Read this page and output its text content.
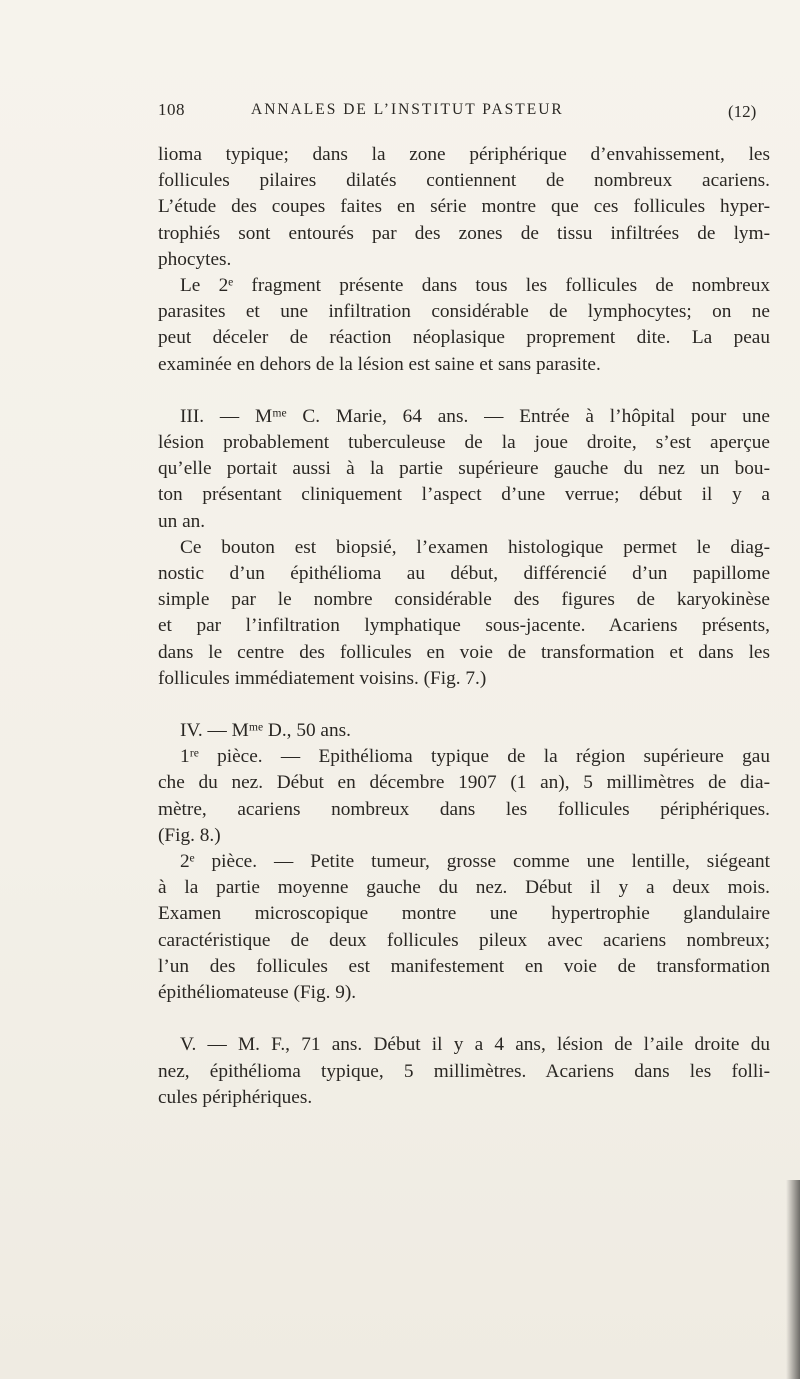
108	ANNALES DE L’INSTITUT PASTEUR	(12)
lioma typique; dans la zone périphérique d’envahissement, les
follicules pilaires dilatés contiennent de nombreux acariens.
L’étude des coupes faites en série montre que ces follicules hyper-
trophiés sont entourés par des zones de tissu infiltrées de lym-
phocytes.
Le 2ᵉ fragment présente dans tous les follicules de nombreux
parasites et une infiltration considérable de lymphocytes; on ne
peut déceler de réaction néoplasique proprement dite. La peau
examinée en dehors de la lésion est saine et sans parasite.
III. — Mᵐᵉ C. Marie, 64 ans. — Entrée à l’hôpital pour une
lésion probablement tuberculeuse de la joue droite, s’est aperçue
qu’elle portait aussi à la partie supérieure gauche du nez un bou-
ton présentant cliniquement l’aspect d’une verrue; début il y a
un an.
Ce bouton est biopsié, l’examen histologique permet le diag-
nostic d’un épithélioma au début, différencié d’un papillome
simple par le nombre considérable des figures de karyokinèse
et par l’infiltration lymphatique sous-jacente. Acariens présents,
dans le centre des follicules en voie de transformation et dans les
follicules immédiatement voisins. (Fig. 7.)
IV. — Mᵐᵉ D., 50 ans.
1ʳᵉ pièce. — Epithélioma typique de la région supérieure gau
che du nez. Début en décembre 1907 (1 an), 5 millimètres de dia-
mètre, acariens nombreux dans les follicules périphériques.
(Fig. 8.)
2ᵉ pièce. — Petite tumeur, grosse comme une lentille, siégeant
à la partie moyenne gauche du nez. Début il y a deux mois.
Examen microscopique montre une hypertrophie glandulaire
caractéristique de deux follicules pileux avec acariens nombreux;
l’un des follicules est manifestement en voie de transformation
épithéliomateuse (Fig. 9).
V. — M. F., 71 ans. Début il y a 4 ans, lésion de l’aile droite du
nez, épithélioma typique, 5 millimètres. Acariens dans les folli-
cules périphériques.
